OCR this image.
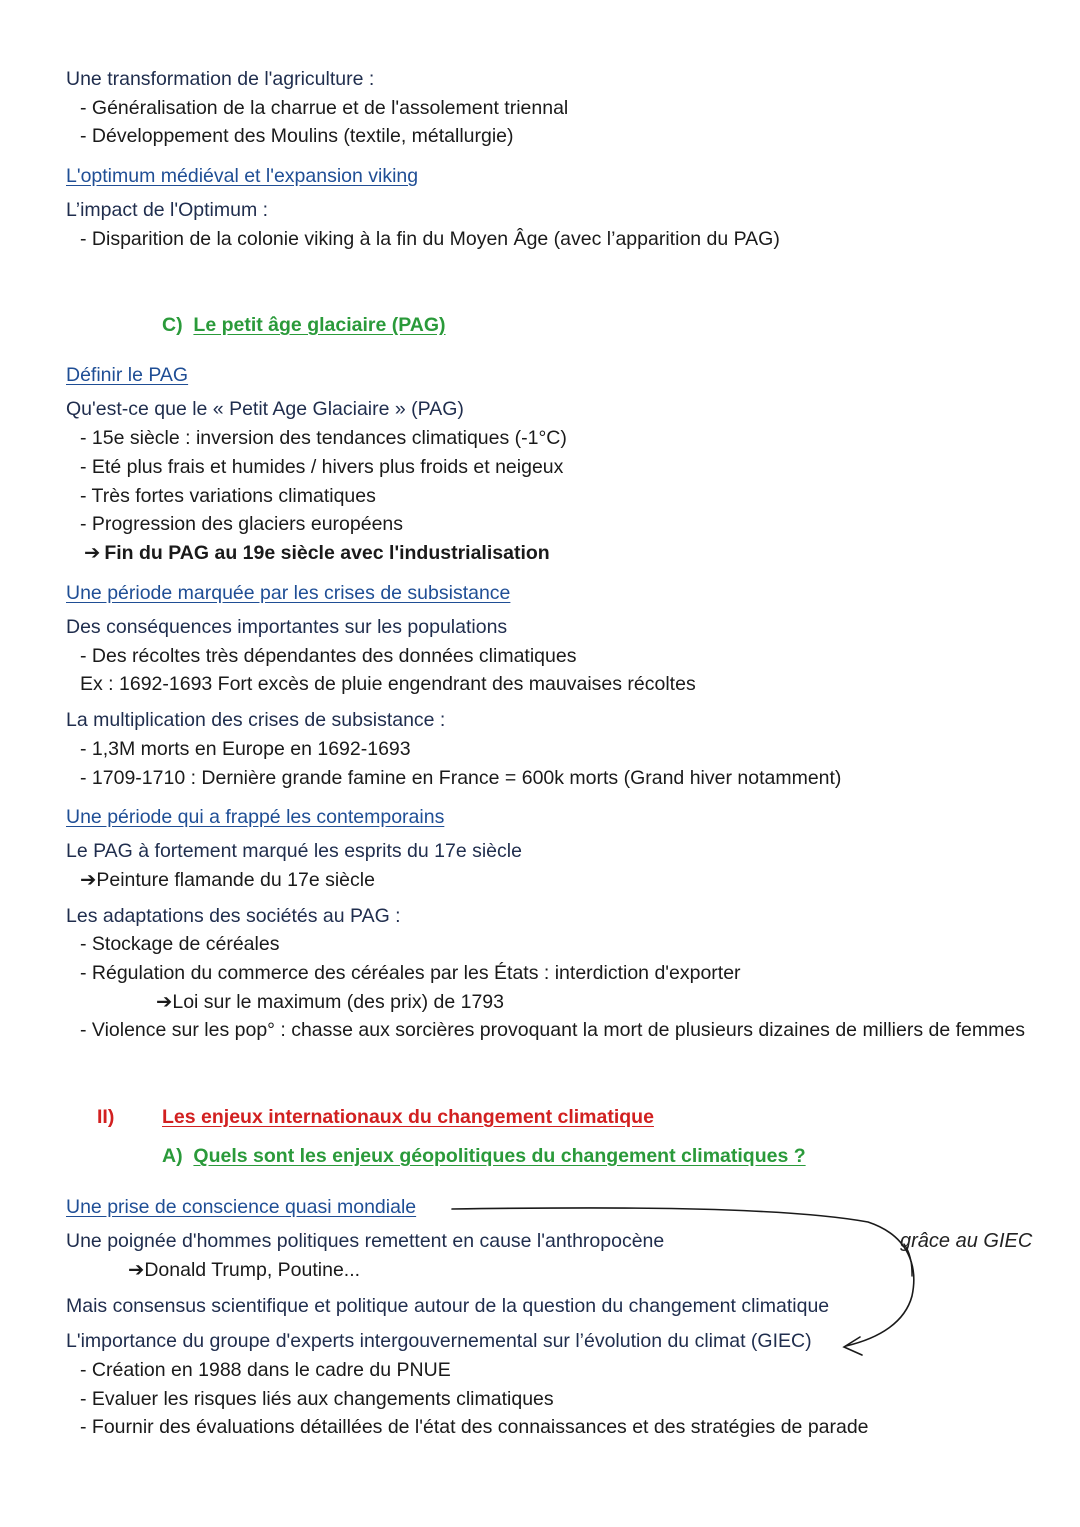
Une transformation de l'agriculture :
- Généralisation de la charrue et de l'assolement triennal
- Développement des Moulins (textile, métallurgie)
L'optimum médiéval et l'expansion viking
L’impact de l'Optimum :
- Disparition de la colonie viking à la fin du Moyen Âge (avec l’apparition du PAG)
C) Le petit âge glaciaire (PAG)
Définir le PAG
Qu'est-ce que le « Petit Age Glaciaire » (PAG)
- 15e siècle : inversion des tendances climatiques (-1°C)
- Eté plus frais et humides / hivers plus froids et neigeux
- Très fortes variations climatiques
- Progression des glaciers européens
➔ Fin du PAG au 19e siècle avec l'industrialisation
Une période marquée par les crises de subsistance
Des conséquences importantes sur les populations
- Des récoltes très dépendantes des données climatiques
Ex : 1692-1693 Fort excès de pluie engendrant des mauvaises récoltes
La multiplication des crises de subsistance :
- 1,3M morts en Europe en 1692-1693
- 1709-1710 : Dernière grande famine en France = 600k morts (Grand hiver notamment)
Une période qui a frappé les contemporains
Le PAG à fortement marqué les esprits du 17e siècle
➔Peinture flamande du 17e siècle
Les adaptations des sociétés au PAG :
- Stockage de céréales
- Régulation du commerce des céréales par les États : interdiction d'exporter
➔Loi sur le maximum (des prix) de 1793
- Violence sur les pop° : chasse aux sorcières provoquant la mort de plusieurs dizaines de milliers de femmes
II) Les enjeux internationaux du changement climatique
A) Quels sont les enjeux géopolitiques du changement climatiques ?
Une prise de conscience quasi mondiale
Une poignée d'hommes politiques remettent en cause l'anthropocène
➔Donald Trump, Poutine...
Mais consensus scientifique et politique autour de la question du changement climatique
L'importance du groupe d'experts intergouvernemental sur l’évolution du climat (GIEC)
- Création en 1988 dans le cadre du PNUE
- Evaluer les risques liés aux changements climatiques
- Fournir des évaluations détaillées de l'état des connaissances et des stratégies de parade
grâce au GIEC
